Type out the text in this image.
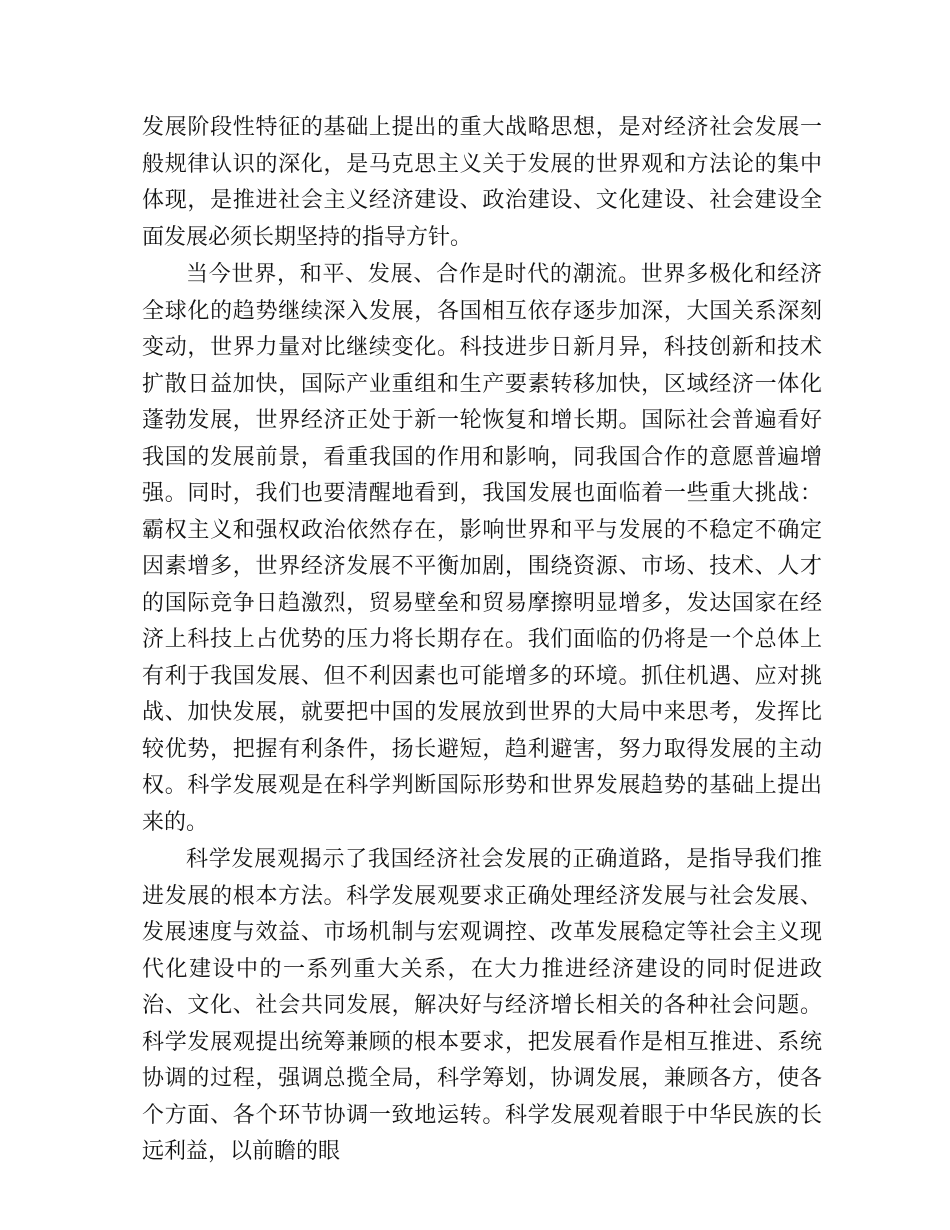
发展阶段性特征的基础上提出的重大战略思想，是对经济社会发展一般规律认识的深化，是马克思主义关于发展的世界观和方法论的集中体现，是推进社会主义经济建设、政治建设、文化建设、社会建设全面发展必须长期坚持的指导方针。

当今世界，和平、发展、合作是时代的潮流。世界多极化和经济全球化的趋势继续深入发展，各国相互依存逐步加深，大国关系深刻变动，世界力量对比继续变化。科技进步日新月异，科技创新和技术扩散日益加快，国际产业重组和生产要素转移加快，区域经济一体化蓬勃发展，世界经济正处于新一轮恢复和增长期。国际社会普遍看好我国的发展前景，看重我国的作用和影响，同我国合作的意愿普遍增强。同时，我们也要清醒地看到，我国发展也面临着一些重大挑战：霸权主义和强权政治依然存在，影响世界和平与发展的不稳定不确定因素增多，世界经济发展不平衡加剧，围绕资源、市场、技术、人才的国际竞争日趋激烈，贸易壁垒和贸易摩擦明显增多，发达国家在经济上科技上占优势的压力将长期存在。我们面临的仍将是一个总体上有利于我国发展、但不利因素也可能增多的环境。抓住机遇、应对挑战、加快发展，就要把中国的发展放到世界的大局中来思考，发挥比较优势，把握有利条件，扬长避短，趋利避害，努力取得发展的主动权。科学发展观是在科学判断国际形势和世界发展趋势的基础上提出来的。

科学发展观揭示了我国经济社会发展的正确道路，是指导我们推进发展的根本方法。科学发展观要求正确处理经济发展与社会发展、发展速度与效益、市场机制与宏观调控、改革发展稳定等社会主义现代化建设中的一系列重大关系，在大力推进经济建设的同时促进政治、文化、社会共同发展，解决好与经济增长相关的各种社会问题。科学发展观提出统筹兼顾的根本要求，把发展看作是相互推进、系统协调的过程，强调总揽全局，科学筹划，协调发展，兼顾各方，使各个方面、各个环节协调一致地运转。科学发展观着眼于中华民族的长远利益，以前瞻的眼
